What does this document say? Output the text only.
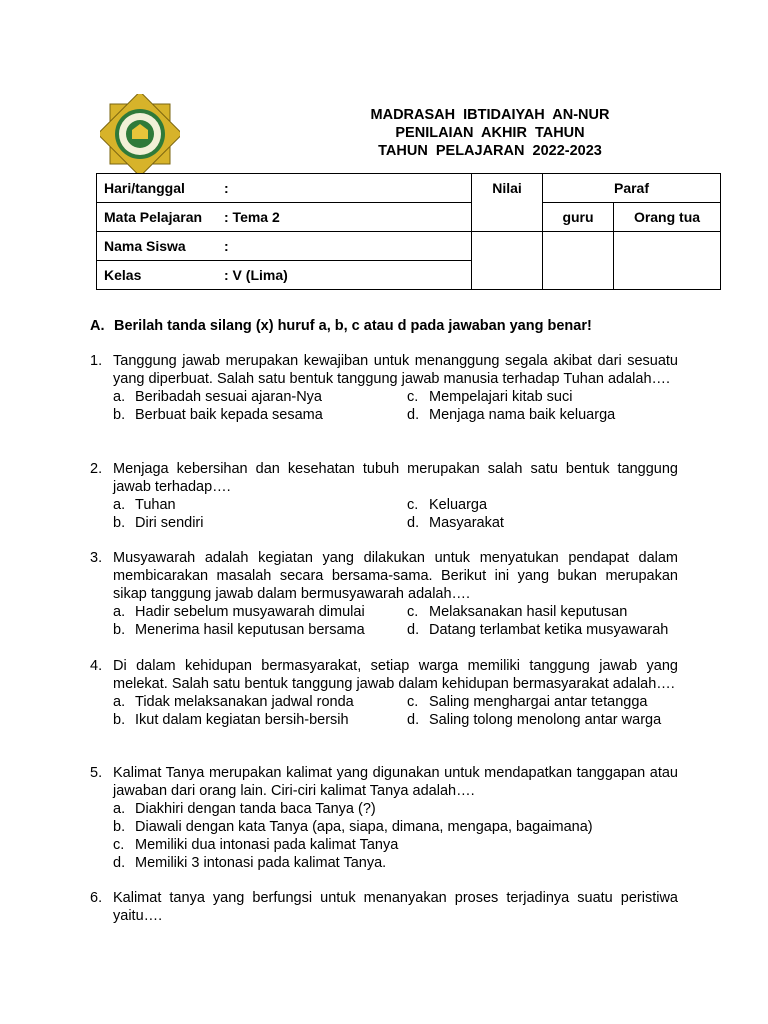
MADRASAH IBTIDAIYAH AN-NUR
PENILAIAN AKHIR TAHUN
TAHUN PELAJARAN 2022-2023
Hari/tanggal :	Nilai	Paraf	
Mata Pelajaran : Tema 2		guru	Orang tua
Nama Siswa :			
Kelas : V (Lima)			
A. Berilah tanda silang (x) huruf a, b, c atau d pada jawaban yang benar!
1. Tanggung jawab merupakan kewajiban untuk menanggung segala akibat dari sesuatu yang diperbuat. Salah satu bentuk tanggung jawab manusia terhadap Tuhan adalah….
a. Beribadah sesuai ajaran-Nya	c. Mempelajari kitab suci
b. Berbuat baik kepada sesama	d. Menjaga nama baik keluarga
2. Menjaga kebersihan dan kesehatan tubuh merupakan salah satu bentuk tanggung jawab terhadap….
a. Tuhan	c. Keluarga
b. Diri sendiri	d. Masyarakat
3. Musyawarah adalah kegiatan yang dilakukan untuk menyatukan pendapat dalam membicarakan masalah secara bersama-sama. Berikut ini yang bukan merupakan sikap tanggung jawab dalam bermusyawarah adalah….
a. Hadir sebelum musyawarah dimulai	c. Melaksanakan hasil keputusan
b. Menerima hasil keputusan bersama	d. Datang terlambat ketika musyawarah
4. Di dalam kehidupan bermasyarakat, setiap warga memiliki tanggung jawab yang melekat. Salah satu bentuk tanggung jawab dalam kehidupan bermasyarakat adalah….
a. Tidak melaksanakan jadwal ronda	c. Saling menghargai antar tetangga
b. Ikut dalam kegiatan bersih-bersih	d. Saling tolong menolong antar warga
5. Kalimat Tanya merupakan kalimat yang digunakan untuk mendapatkan tanggapan atau jawaban dari orang lain. Ciri-ciri kalimat Tanya adalah….
a. Diakhiri dengan tanda baca Tanya (?)
b. Diawali dengan kata Tanya (apa, siapa, dimana, mengapa, bagaimana)
c. Memiliki dua intonasi pada kalimat Tanya
d. Memiliki 3 intonasi pada kalimat Tanya.
6. Kalimat tanya yang berfungsi untuk menanyakan proses terjadinya suatu peristiwa yaitu….
